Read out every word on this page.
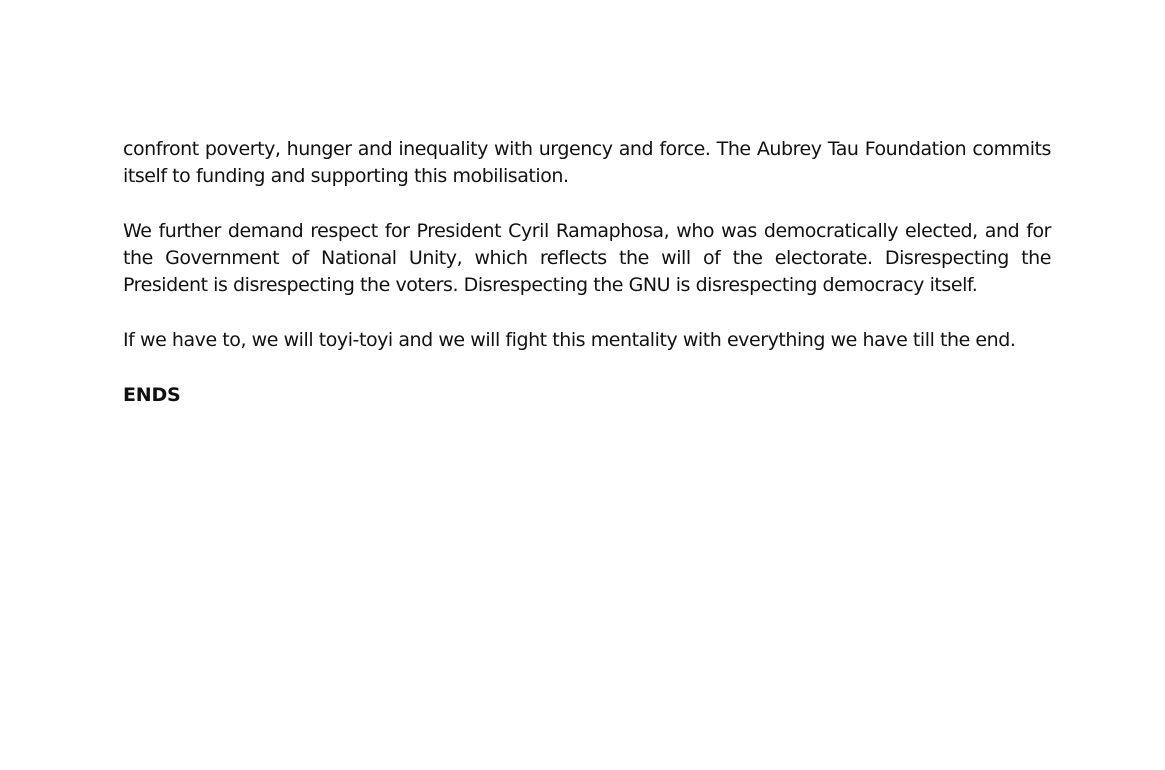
confront poverty, hunger and inequality with urgency and force. The Aubrey Tau Foundation commits itself to funding and supporting this mobilisation.

We further demand respect for President Cyril Ramaphosa, who was democratically elected, and for the Government of National Unity, which reflects the will of the electorate. Disrespecting the President is disrespecting the voters. Disrespecting the GNU is disrespecting democracy itself.

If we have to, we will toyi-toyi and we will fight this mentality with everything we have till the end.

ENDS
